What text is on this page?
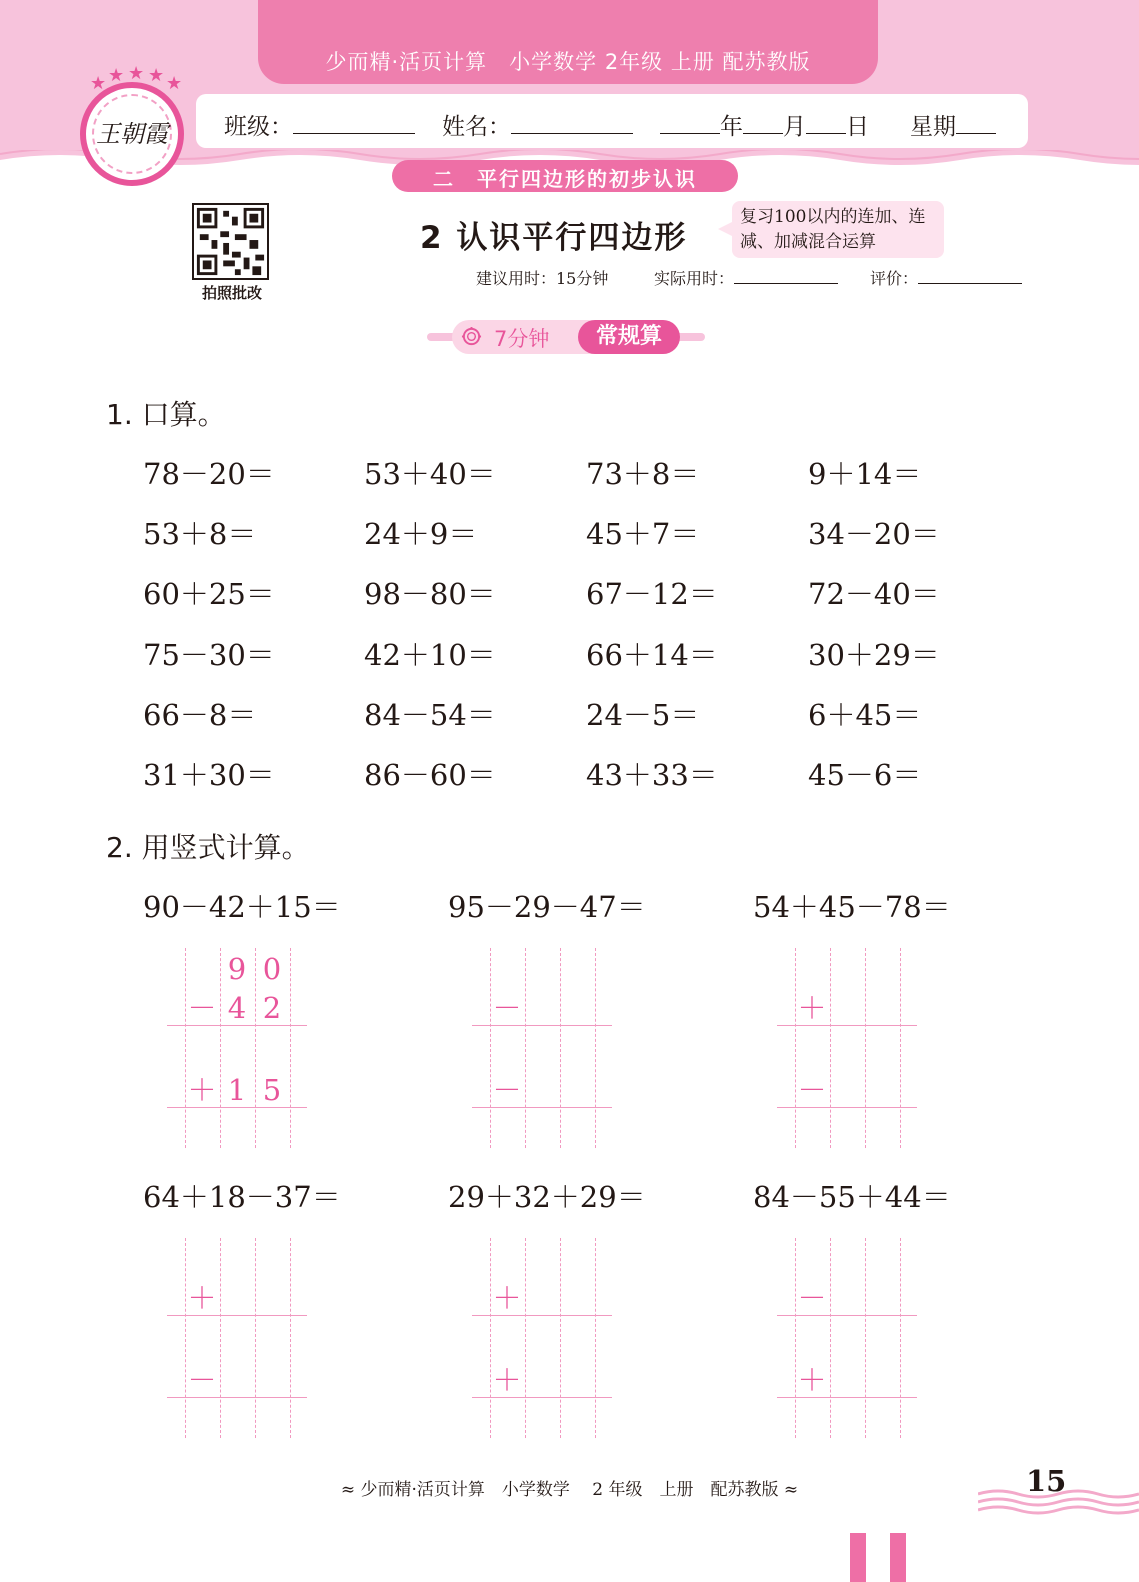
少而精·活页计算　小学数学 2年级 上册 配苏教版
王朝霞
★ ★ ★ ★ ★
班级：	姓名：	年 月 日 星期
二　平行四边形的初步认识
拍照批改
2 认识平行四边形
复习100以内的连加、连减、加减混合运算
建议用时：15分钟	实际用时：	评价：
7分钟	常规算
1. 口算。
78－20＝	53＋40＝	73＋8＝	9＋14＝
53＋8＝	24＋9＝	45＋7＝	34－20＝
60＋25＝	98－80＝	67－12＝	72－40＝
75－30＝	42＋10＝	66＋14＝	30＋29＝
66－8＝	84－54＝	24－5＝	6＋45＝
31＋30＝	86－60＝	43＋33＝	45－6＝
2. 用竖式计算。
90－42＋15＝
9 0
－ 4 2
＋ 1 5
95－29－47＝
－
－
54＋45－78＝
＋
－
64＋18－37＝
＋
－
29＋32＋29＝
＋
＋
84－55＋44＝
－
＋
≈ 少而精·活页计算　小学数学　 2 年级　上册　配苏教版 ≈	15
